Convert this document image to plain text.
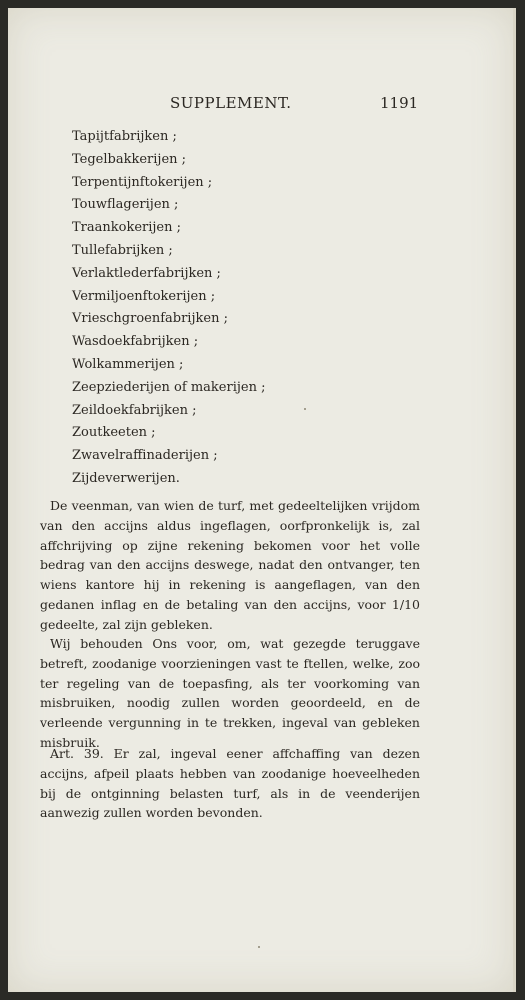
SUPPLEMENT.	1191
Tapijtfabrijken ;
Tegelbakkerijen ;
Terpentijnftokerijen ;
Touwflagerijen ;
Traankokerijen ;
Tullefabrijken ;
Verlaktlederfabrijken ;
Vermiljoenftokerijen ;
Vrieschgroenfabrijken ;
Wasdoekfabrijken ;
Wolkammerijen ;
Zeepziederijen of makerijen ;
Zeildoekfabrijken ;
Zoutkeeten ;
Zwavelraffinaderijen ;
Zijdeverwerijen.

De veenman, van wien de turf, met gedeeltelijken vrijdom van den accijns aldus ingeflagen, oorfpronkelijk is, zal affchrijving op zijne rekening bekomen voor het volle bedrag van den accijns deswege, nadat den ontvanger, ten wiens kantore hij in rekening is aangeflagen, van den gedanen inflag en de betaling van den accijns, voor 1/10 gedeelte, zal zijn gebleken.

Wij behouden Ons voor, om, wat gezegde teruggave betreft, zoodanige voorzieningen vast te ftellen, welke, zoo ter regeling van de toepasfing, als ter voorkoming van misbruiken, noodig zullen worden geoordeeld, en de verleende vergunning in te trekken, ingeval van gebleken misbruik.

Art. 39. Er zal, ingeval eener affchaffing van dezen accijns, afpeil plaats hebben van zoodanige hoeveelheden bij de ontginning belasten turf, als in de veenderijen aanwezig zullen worden bevonden.
